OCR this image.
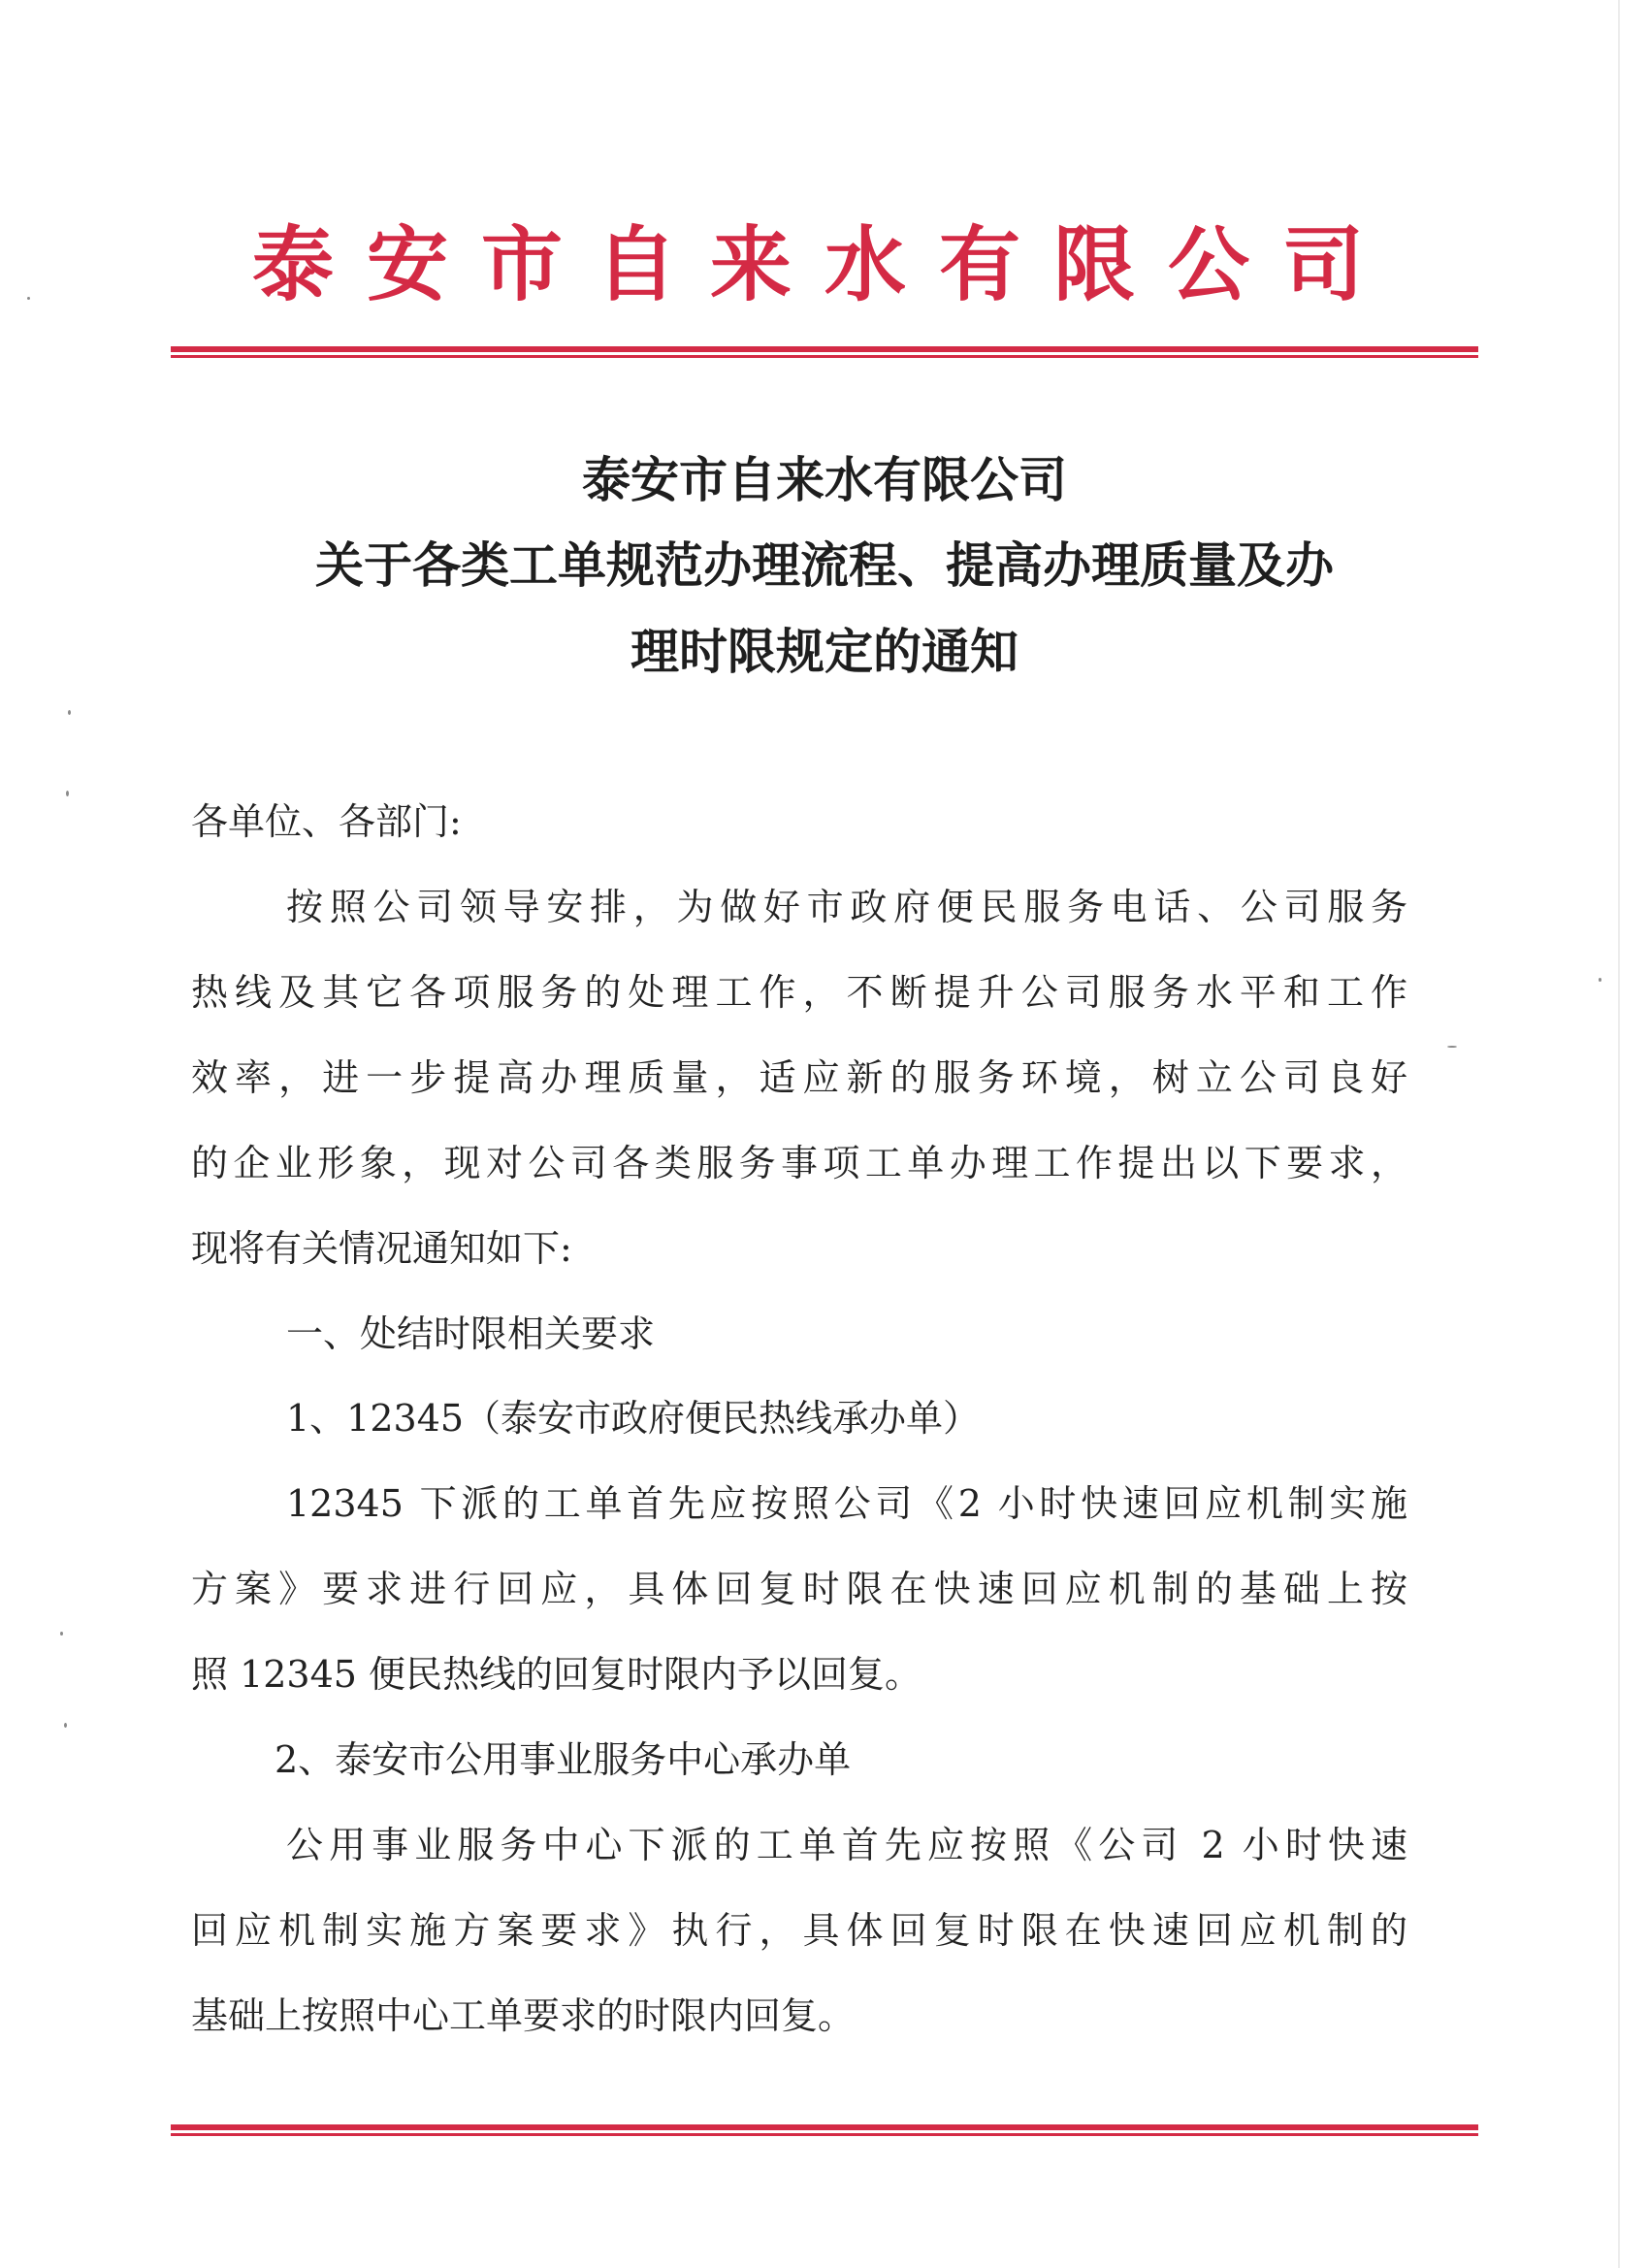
泰安市自来水有限公司
泰安市自来水有限公司
关于各类工单规范办理流程、提高办理质量及办
理时限规定的通知
各单位、各部门:
按照公司领导安排，为做好市政府便民服务电话、公司服务
热线及其它各项服务的处理工作，不断提升公司服务水平和工作
效率，进一步提高办理质量，适应新的服务环境，树立公司良好
的企业形象，现对公司各类服务事项工单办理工作提出以下要求，
现将有关情况通知如下:
一、处结时限相关要求
1、12345（泰安市政府便民热线承办单）
12345 下派的工单首先应按照公司《2 小时快速回应机制实施
方案》要求进行回应，具体回复时限在快速回应机制的基础上按
照 12345 便民热线的回复时限内予以回复。
2、泰安市公用事业服务中心承办单
公用事业服务中心下派的工单首先应按照《公司 2 小时快速
回应机制实施方案要求》执行，具体回复时限在快速回应机制的
基础上按照中心工单要求的时限内回复。
